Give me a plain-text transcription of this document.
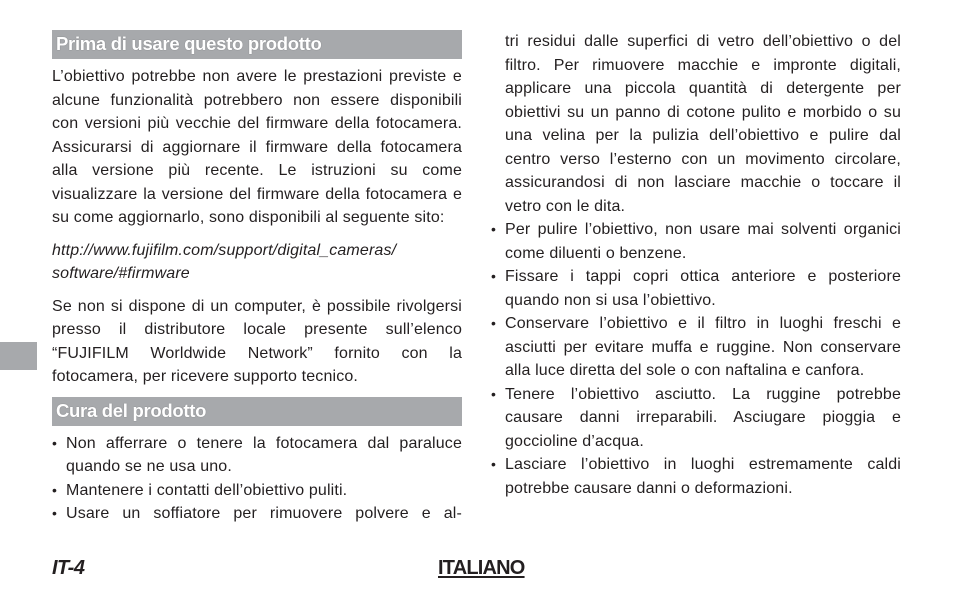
Prima di usare questo prodotto

L’obiettivo potrebbe non avere le prestazioni previste e alcune funzionalità potrebbero non essere disponibili con versioni più vecchie del firmware della fotocamera. Assicurarsi di aggiornare il firmware della fotocamera alla versione più recente. Le istruzioni su come visualizzare la versione del firmware della fotocamera e su come aggiornarlo, sono disponibili al seguente sito:

http://www.fujifilm.com/support/digital_cameras/
software/#firmware

Se non si dispone di un computer, è possibile rivolgersi presso il distributore locale presente sull’elenco “FUJIFILM Worldwide Network” fornito con la fotocamera, per ricevere supporto tecnico.

Cura del prodotto
• Non afferrare o tenere la fotocamera dal paraluce quando se ne usa uno.
• Mantenere i contatti dell’obiettivo puliti.
• Usare un soffiatore per rimuovere polvere e al-

tri residui dalle superfici di vetro dell’obiettivo o del filtro. Per rimuovere macchie e impronte digitali, applicare una piccola quantità di detergente per obiettivi su un panno di cotone pulito e morbido o su una velina per la pulizia dell’obiettivo e pulire dal centro verso l’esterno con un movimento circolare, assicurandosi di non lasciare macchie o toccare il vetro con le dita.

• Per pulire l’obiettivo, non usare mai solventi organici come diluenti o benzene.
• Fissare i tappi copri ottica anteriore e posteriore quando non si usa l’obiettivo.
• Conservare l’obiettivo e il filtro in luoghi freschi e asciutti per evitare muffa e ruggine. Non conservare alla luce diretta del sole o con naftalina e canfora.
• Tenere l’obiettivo asciutto. La ruggine potrebbe causare danni irreparabili. Asciugare pioggia e goccioline d’acqua.
• Lasciare l’obiettivo in luoghi estremamente caldi potrebbe causare danni o deformazioni.
IT-4	ITALIANO
